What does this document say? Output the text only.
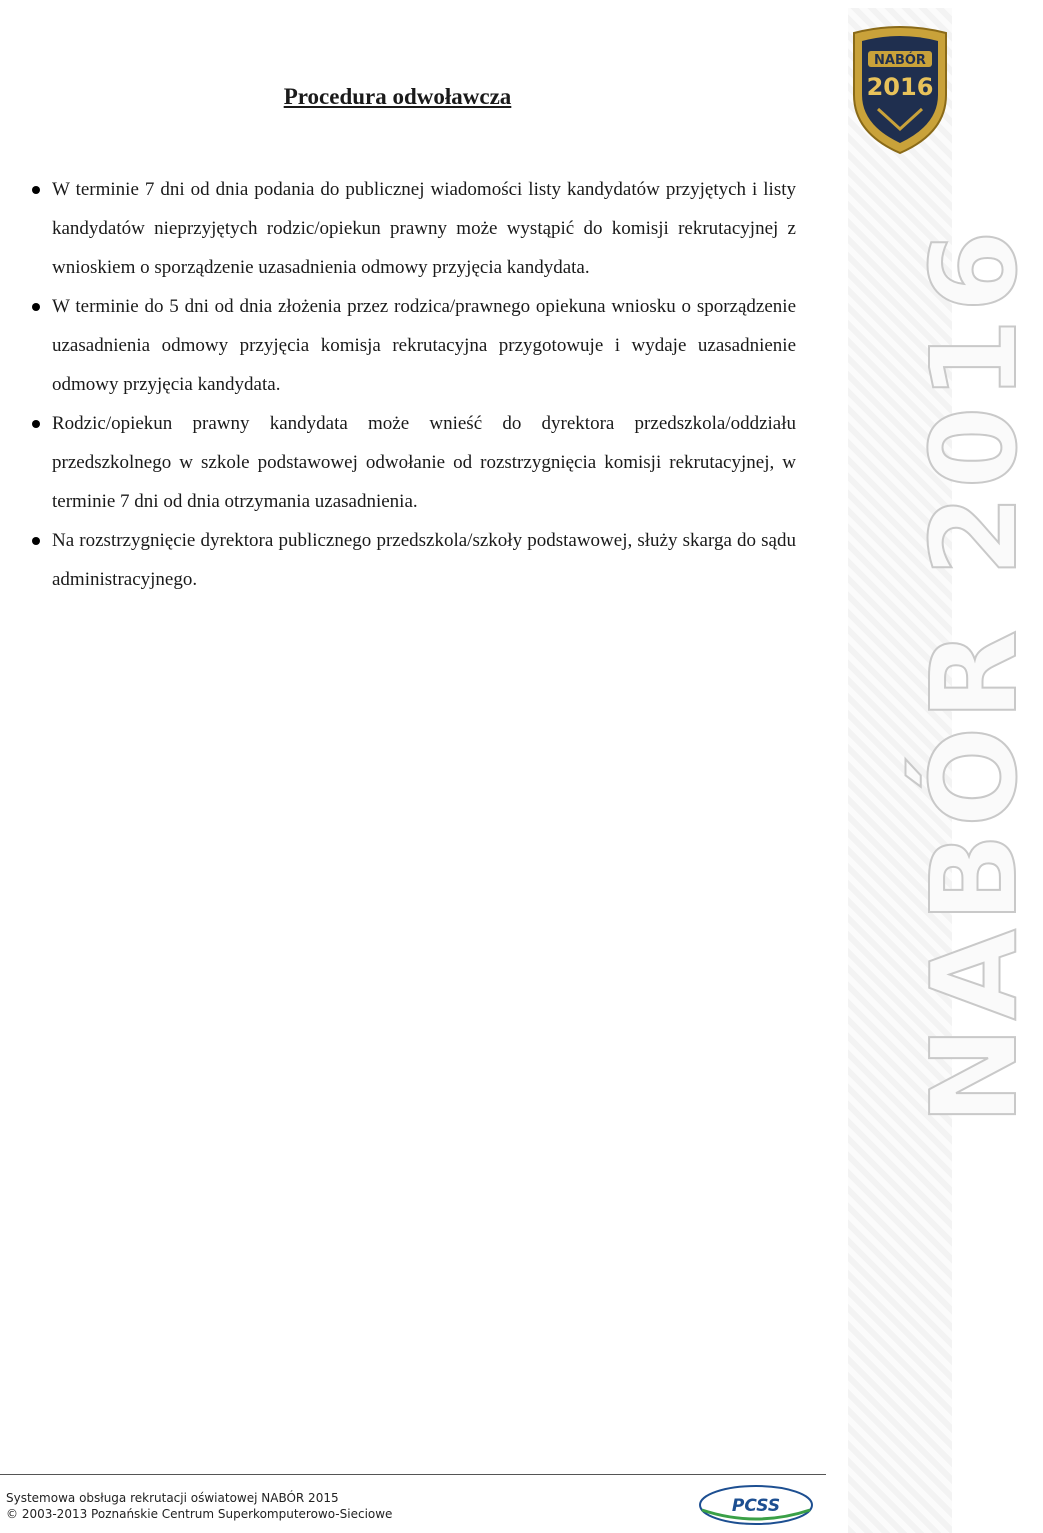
NABÓR 2016
NABÓR
2016
Procedura odwoławcza
W terminie 7 dni od dnia podania do publicznej wiadomości listy kandydatów przyjętych i listy kandydatów nieprzyjętych rodzic/opiekun prawny może wystąpić do komisji rekrutacyjnej z wnioskiem o sporządzenie uzasadnienia odmowy przyjęcia kandydata.
W terminie do 5 dni od dnia złożenia przez rodzica/prawnego opiekuna wniosku o sporządzenie uzasadnienia odmowy przyjęcia komisja rekrutacyjna przygotowuje i wydaje uzasadnienie odmowy przyjęcia kandydata.
Rodzic/opiekun prawny kandydata może wnieść do dyrektora przedszkola/oddziału przedszkolnego w szkole podstawowej odwołanie od rozstrzygnięcia komisji rekrutacyjnej, w terminie 7 dni od dnia otrzymania uzasadnienia.
Na rozstrzygnięcie dyrektora publicznego przedszkola/szkoły podstawowej, służy skarga do sądu administracyjnego.
Systemowa obsługa rekrutacji oświatowej NABÓR 2015
© 2003-2013 Poznańskie Centrum Superkomputerowo-Sieciowe	PCSS
